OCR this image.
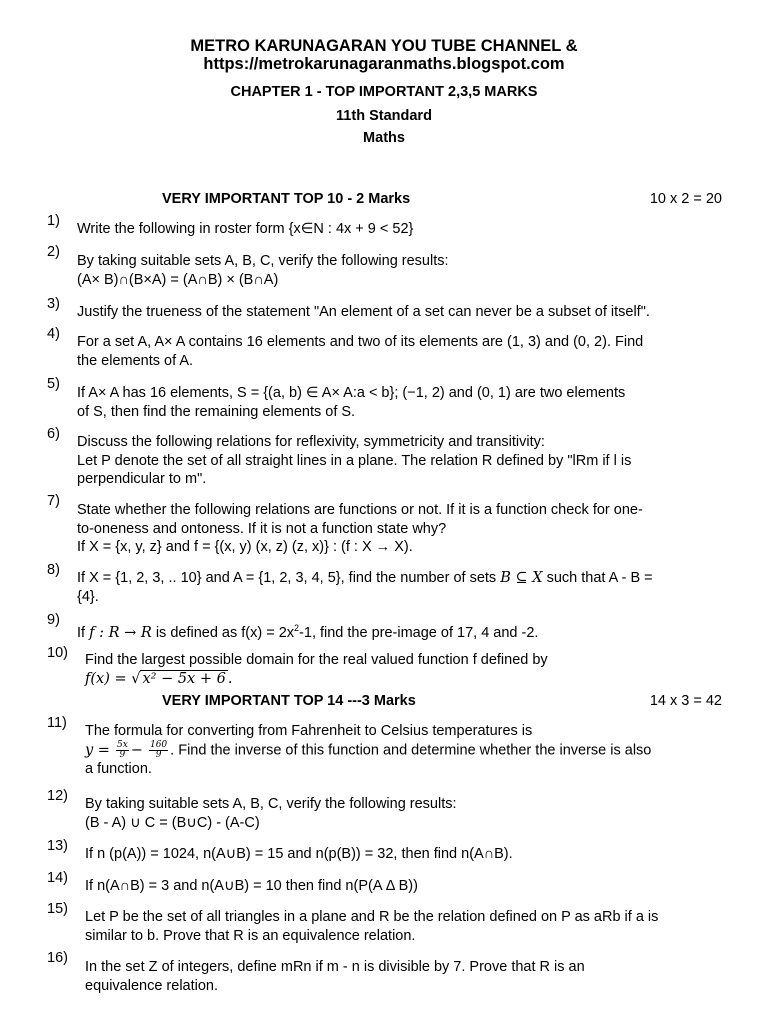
METRO KARUNAGARAN YOU TUBE CHANNEL &
https://metrokarunagaranmaths.blogspot.com
CHAPTER 1 - TOP IMPORTANT 2,3,5 MARKS
11th Standard
Maths
VERY IMPORTANT TOP 10 - 2 Marks	10 x 2 = 20
1) Write the following in roster form {x∈N : 4x + 9 < 52}
2)
By taking suitable sets A, B, C, verify the following results:
(A× B)∩(B×A) = (A∩B) × (B∩A)
3) Justify the trueness of the statement "An element of a set can never be a subset of itself".
4) For a set A, A× A contains 16 elements and two of its elements are (1, 3) and (0, 2). Find
the elements of A.
5)
If A× A has 16 elements, S = {(a, b) ∈ A× A:a < b}; (−1, 2) and (0, 1) are two elements
of S, then find the remaining elements of S.
6) Discuss the following relations for reflexivity, symmetricity and transitivity:
Let P denote the set of all straight lines in a plane. The relation R defined by "lRm if l is
perpendicular to m".
7)
State whether the following relations are functions or not. If it is a function check for one-
to-oneness and ontoness. If it is not a function state why?
If X = {x, y, z} and f = {(x, y) (x, z) (z, x)} : (f : X → X).
8) If X = {1, 2, 3, .. 10} and A = {1, 2, 3, 4, 5}, find the number of sets B ⊆ X such that A - B =
{4}.
9)
If f : R → R is defined as $f(x) = 2x^2-1$, find the pre-image of 17, 4 and -2.
10) Find the largest possible domain for the real valued function f defined by
f(x) = √ x² − 5x + 6 .
VERY IMPORTANT TOP 14 ---3 Marks	14 x 3 = 42
11) The formula for converting from Fahrenheit to Celsius temperatures is
$y = \frac{5x}{9} - \frac{160}{9}$ . Find the inverse of this function and determine whether the inverse is also
a function.
12) By taking suitable sets A, B, C, verify the following results:
(B - A) ∪ C = (B∪C) - (A-C)
13) If n (p(A)) = 1024, n(A∪B) = 15 and n(p(B)) = 32, then find n(A∩B).
14) If n(A∩B) = 3 and n(A∪B) = 10 then find n(P(A Δ B))
15) Let P be the set of all triangles in a plane and R be the relation defined on P as aRb if a is
similar to b. Prove that R is an equivalence relation.
16)
In the set Z of integers, define mRn if m - n is divisible by 7. Prove that R is an
equivalence relation.
